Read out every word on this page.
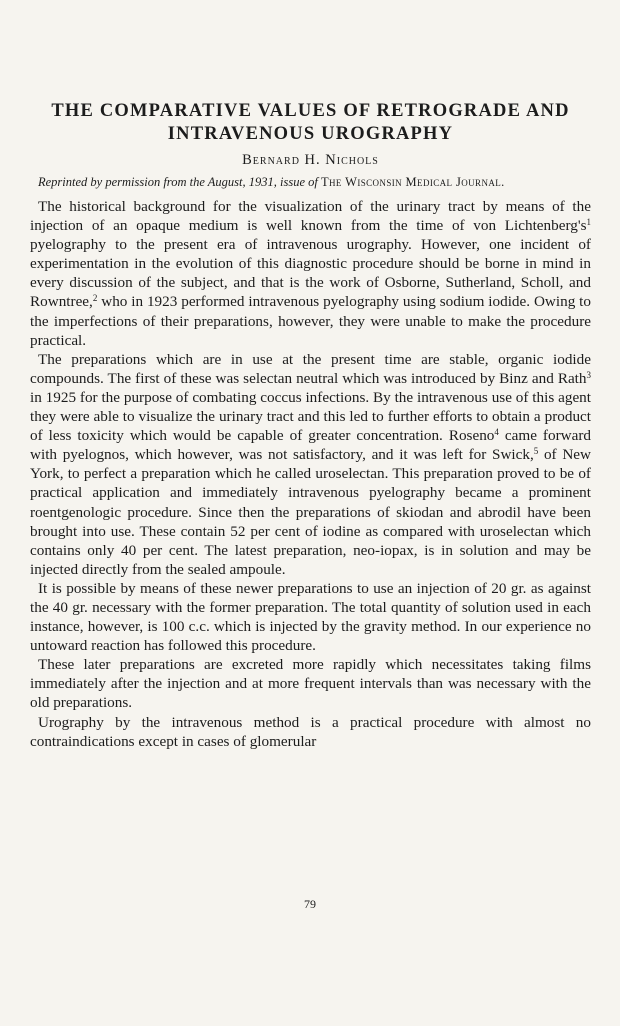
THE COMPARATIVE VALUES OF RETROGRADE AND
INTRAVENOUS UROGRAPHY
Bernard H. Nichols

Reprinted by permission from the August, 1931, issue of The Wisconsin Medical Journal.

The historical background for the visualization of the urinary tract by means of the injection of an opaque medium is well known from the time of von $Lichtenberg's^1$ pyelography to the present era of intravenous urography. However, one incident of experimentation in the evolution of this diagnostic procedure should be borne in mind in every discussion of the subject, and that is the work of Osborne, Sutherland, Scholl, and Rowntree,$^2$ who in 1923 performed intravenous pyelography using sodium iodide. Owing to the imperfections of their preparations, however, they were unable to make the procedure practical.

The preparations which are in use at the present time are stable, organic iodide compounds. The first of these was selectan neutral which was introduced by Binz and Rath$^3$ in 1925 for the purpose of combating coccus infections. By the intravenous use of this agent they were able to visualize the urinary tract and this led to further efforts to obtain a product of less toxicity which would be capable of greater concentration. Roseno$^4$ came forward with pyelognos, which however, was not satisfactory, and it was left for Swick,$^5$ of New York, to perfect a preparation which he called uroselectan. This preparation proved to be of practical application and immediately intravenous pyelography became a prominent roentgenologic procedure. Since then the preparations of skiodan and abrodil have been brought into use. These contain 52 per cent of iodine as compared with uroselectan which contains only 40 per cent. The latest preparation, neo-iopax, is in solution and may be injected directly from the sealed ampoule.

It is possible by means of these newer preparations to use an injection of 20 gr. as against the 40 gr. necessary with the former preparation. The total quantity of solution used in each instance, however, is 100 c.c. which is injected by the gravity method. In our experience no untoward reaction has followed this procedure.

These later preparations are excreted more rapidly which necessitates taking films immediately after the injection and at more frequent intervals than was necessary with the old preparations.

Urography by the intravenous method is a practical procedure with almost no contraindications except in cases of glomerular

79
